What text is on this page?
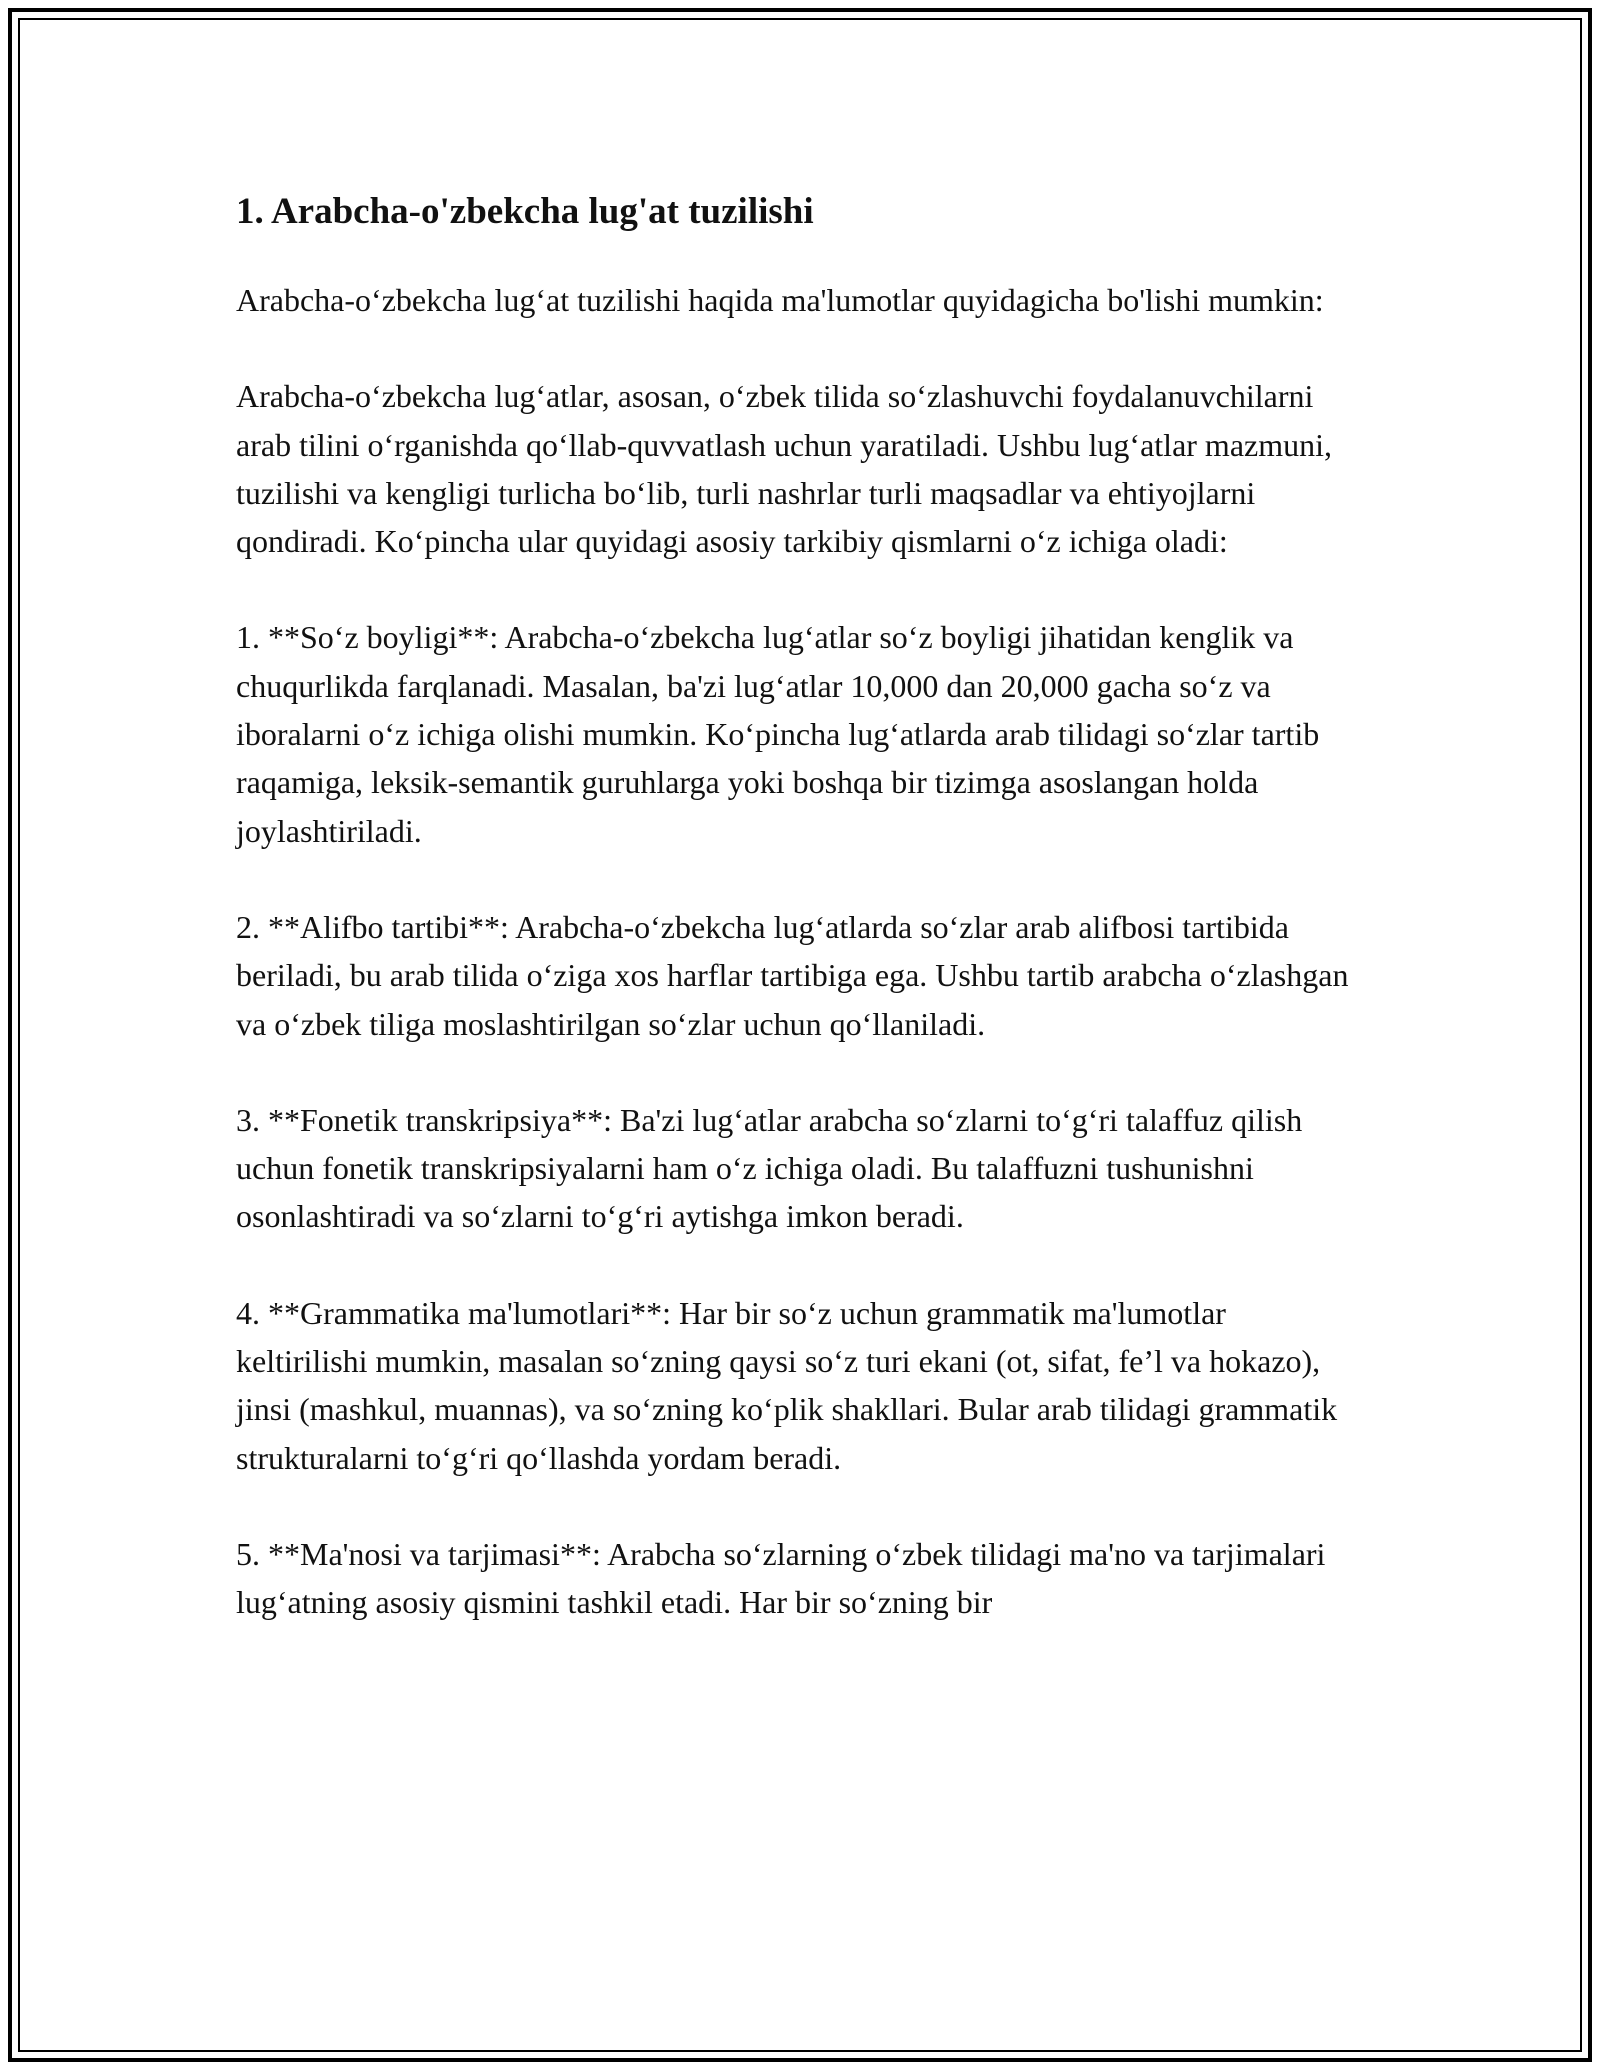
1. Arabcha-o'zbekcha lug'at tuzilishi

Arabcha-o‘zbekcha lug‘at tuzilishi haqida ma'lumotlar quyidagicha bo'lishi mumkin:

Arabcha-o‘zbekcha lug‘atlar, asosan, o‘zbek tilida so‘zlashuvchi foydalanuvchilarni arab tilini o‘rganishda qo‘llab-quvvatlash uchun yaratiladi. Ushbu lug‘atlar mazmuni, tuzilishi va kengligi turlicha bo‘lib, turli nashrlar turli maqsadlar va ehtiyojlarni qondiradi. Ko‘pincha ular quyidagi asosiy tarkibiy qismlarni o‘z ichiga oladi:

1. **So‘z boyligi**: Arabcha-o‘zbekcha lug‘atlar so‘z boyligi jihatidan kenglik va chuqurlikda farqlanadi. Masalan, ba'zi lug‘atlar 10,000 dan 20,000 gacha so‘z va iboralarni o‘z ichiga olishi mumkin. Ko‘pincha lug‘atlarda arab tilidagi so‘zlar tartib raqamiga, leksik-semantik guruhlarga yoki boshqa bir tizimga asoslangan holda joylashtiriladi.

2. **Alifbo tartibi**: Arabcha-o‘zbekcha lug‘atlarda so‘zlar arab alifbosi tartibida beriladi, bu arab tilida o‘ziga xos harflar tartibiga ega. Ushbu tartib arabcha o‘zlashgan va o‘zbek tiliga moslashtirilgan so‘zlar uchun qo‘llaniladi.

3. **Fonetik transkripsiya**: Ba'zi lug‘atlar arabcha so‘zlarni to‘g‘ri talaffuz qilish uchun fonetik transkripsiyalarni ham o‘z ichiga oladi. Bu talaffuzni tushunishni osonlashtiradi va so‘zlarni to‘g‘ri aytishga imkon beradi.

4. **Grammatika ma'lumotlari**: Har bir so‘z uchun grammatik ma'lumotlar keltirilishi mumkin, masalan so‘zning qaysi so‘z turi ekani (ot, sifat, fe’l va hokazo), jinsi (mashkul, muannas), va so‘zning ko‘plik shakllari. Bular arab tilidagi grammatik strukturalarni to‘g‘ri qo‘llashda yordam beradi.

5. **Ma'nosi va tarjimasi**: Arabcha so‘zlarning o‘zbek tilidagi ma'no va tarjimalari lug‘atning asosiy qismini tashkil etadi. Har bir so‘zning bir
